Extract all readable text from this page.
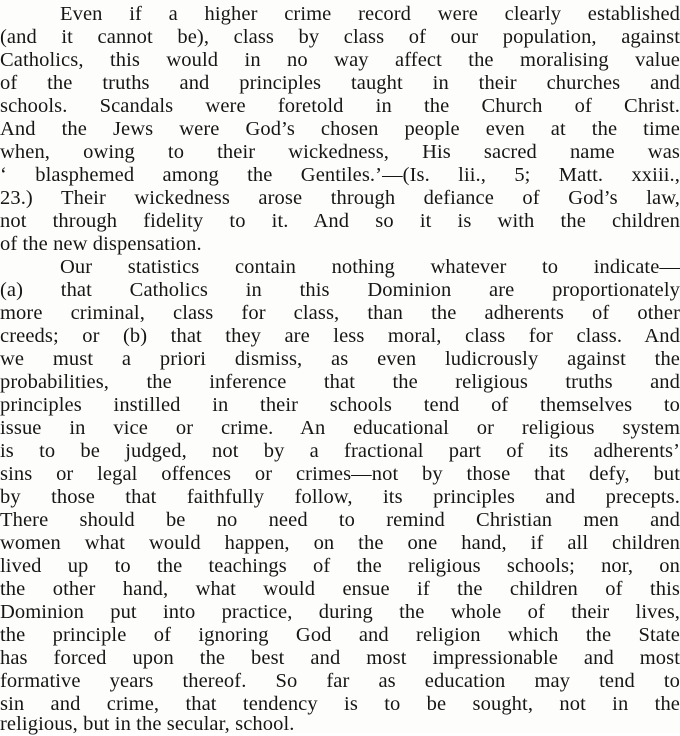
Even if a higher crime record were clearly established
(and it cannot be), class by class of our population, against
Catholics, this would in no way affect the moralising value
of the truths and principles taught in their churches and
schools. Scandals were foretold in the Church of Christ.
And the Jews were God’s chosen people even at the time
when, owing to their wickedness, His sacred name was
‘ blasphemed among the Gentiles.’—(Is. lii., 5; Matt. xxiii.,
23.) Their wickedness arose through defiance of God’s law,
not through fidelity to it. And so it is with the children
of the new dispensation.
Our statistics contain nothing whatever to indicate—
(a) that Catholics in this Dominion are proportionately
more criminal, class for class, than the adherents of other
creeds; or (b) that they are less moral, class for class. And
we must a priori dismiss, as even ludicrously against the
probabilities, the inference that the religious truths and
principles instilled in their schools tend of themselves to
issue in vice or crime. An educational or religious system
is to be judged, not by a fractional part of its adherents’
sins or legal offences or crimes—not by those that defy, but
by those that faithfully follow, its principles and precepts.
There should be no need to remind Christian men and
women what would happen, on the one hand, if all children
lived up to the teachings of the religious schools; nor, on
the other hand, what would ensue if the children of this
Dominion put into practice, during the whole of their lives,
the principle of ignoring God and religion which the State
has forced upon the best and most impressionable and most
formative years thereof. So far as education may tend to
sin and crime, that tendency is to be sought, not in the
religious, but in the secular, school.
